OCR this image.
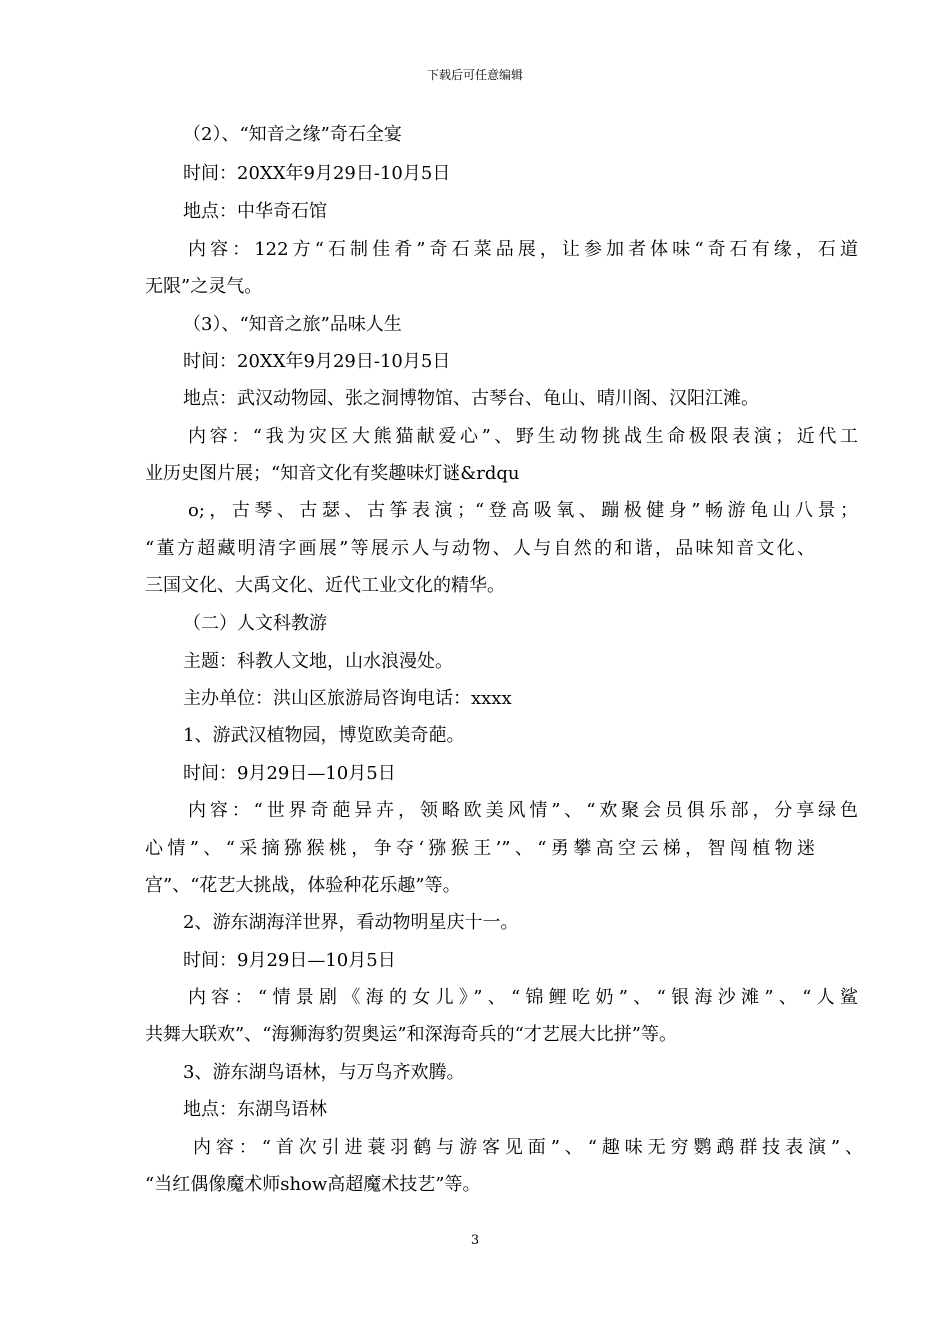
下载后可任意编辑
（2）、“知音之缘”奇石全宴
时间：20XX年9月29日-10月5日
地点：中华奇石馆
内容：122方“石制佳肴”奇石菜品展，让参加者体味“奇石有缘，石道
无限”之灵气。
（3）、“知音之旅”品味人生
时间：20XX年9月29日-10月5日
地点：武汉动物园、张之洞博物馆、古琴台、龟山、晴川阁、汉阳江滩。
内容：“我为灾区大熊猫献爱心”、野生动物挑战生命极限表演；近代工
业历史图片展；“知音文化有奖趣味灯谜&rdqu
o;，古琴、古瑟、古筝表演；“登高吸氧、蹦极健身”畅游龟山八景；
“董方超藏明清字画展”等展示人与动物、人与自然的和谐，品味知音文化、
三国文化、大禹文化、近代工业文化的精华。
（二）人文科教游
主题：科教人文地，山水浪漫处。
主办单位：洪山区旅游局咨询电话：xxxx
1、游武汉植物园，博览欧美奇葩。
时间：9月29日—10月5日
内容：“世界奇葩异卉，领略欧美风情”、“欢聚会员俱乐部，分享绿色
心情”、“采摘猕猴桃，争夺‘猕猴王’”、“勇攀高空云梯，智闯植物迷
宫”、“花艺大挑战，体验种花乐趣”等。
2、游东湖海洋世界，看动物明星庆十一。
时间：9月29日—10月5日
内容：“情景剧《海的女儿》”、“锦鲤吃奶”、“银海沙滩”、“人鲨
共舞大联欢”、“海狮海豹贺奥运”和深海奇兵的“才艺展大比拼”等。
3、游东湖鸟语林，与万鸟齐欢腾。
地点：东湖鸟语林
内容：“首次引进蓑羽鹤与游客见面”、“趣味无穷鹦鹉群技表演”、
“当红偶像魔术师show高超魔术技艺”等。
3
